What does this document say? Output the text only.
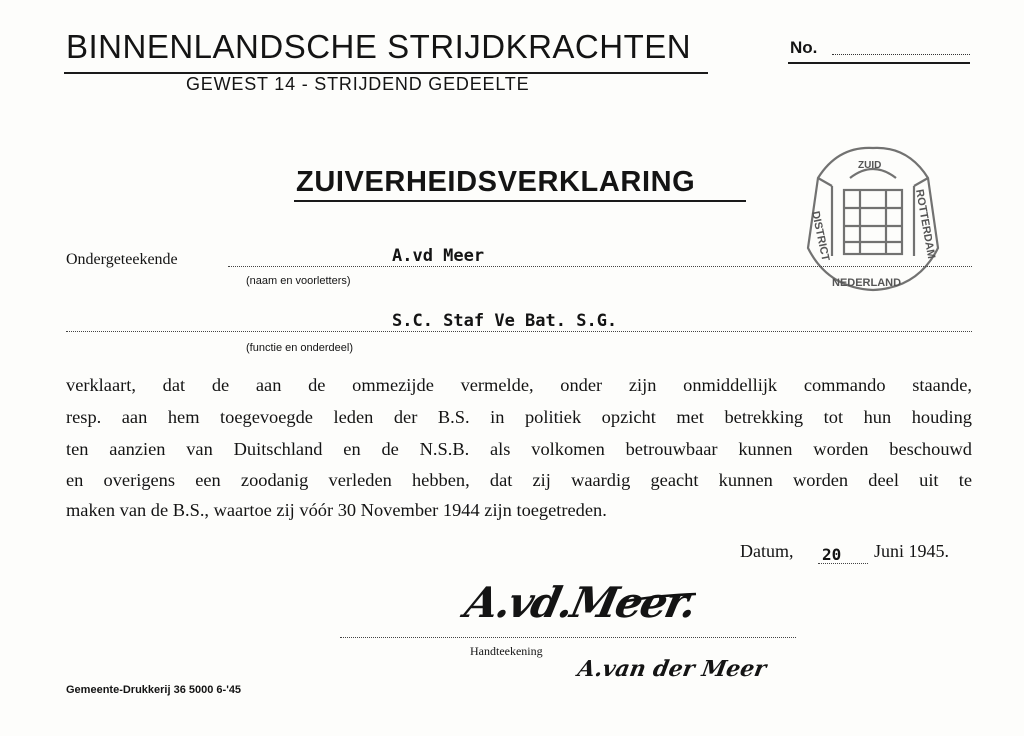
BINNENLANDSCHE STRIJDKRACHTEN
GEWEST 14 - STRIJDEND GEDEELTE
No.
ZUIVERHEIDSVERKLARING
DISTRICT	ROTTERDAM
NEDERLAND
ZUID
Ondergeteekende	A.vd Meer
(naam en voorletters)
S.C. Staf Ve Bat. S.G.
(functie en onderdeel)
verklaart, dat de aan de ommezijde vermelde, onder zijn onmiddellijk commando staande,
resp. aan hem toegevoegde leden der B.S. in politiek opzicht met betrekking tot hun houding
ten aanzien van Duitschland en de N.S.B. als volkomen betrouwbaar kunnen worden beschouwd
en overigens een zoodanig verleden hebben, dat zij waardig geacht kunnen worden deel uit te
maken van de B.S., waartoe zij vóór 30 November 1944 zijn toegetreden.
Datum, 20 Juni 1945.
A.vd.Meer.
Handteekening
A.van der Meer
Gemeente-Drukkerij 36 5000 6-'45
